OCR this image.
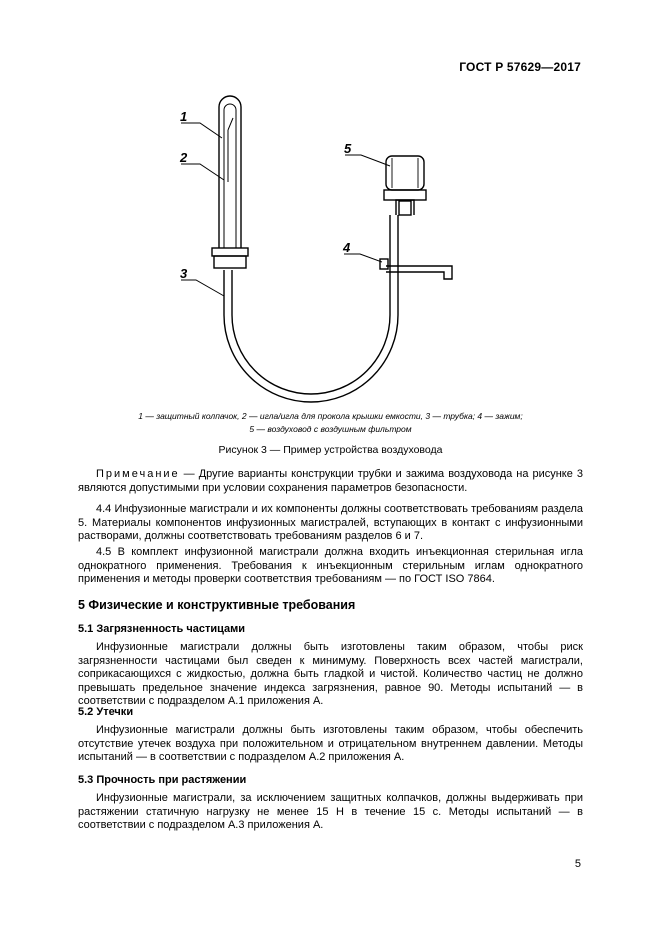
ГОСТ Р 57629—2017
1
2
3
4
5
1 — защитный колпачок, 2 — игла/игла для прокола крышки емкости, 3 — трубка; 4 — зажим;
5 — воздуховод с воздушным фильтром
Рисунок 3 — Пример устройства воздуховода
Примечание — Другие варианты конструкции трубки и зажима воздуховода на рисунке 3 являются допустимыми при условии сохранения параметров безопасности.
4.4 Инфузионные магистрали и их компоненты должны соответствовать требованиям раздела 5. Материалы компонентов инфузионных магистралей, вступающих в контакт с инфузионными растворами, должны соответствовать требованиям разделов 6 и 7.
4.5 В комплект инфузионной магистрали должна входить инъекционная стерильная игла однократного применения. Требования к инъекционным стерильным иглам однократного применения и методы проверки соответствия требованиям — по ГОСТ ISO 7864.
5 Физические и конструктивные требования
5.1 Загрязненность частицами
Инфузионные магистрали должны быть изготовлены таким образом, чтобы риск загрязненности частицами был сведен к минимуму. Поверхность всех частей магистрали, соприкасающихся с жидкостью, должна быть гладкой и чистой. Количество частиц не должно превышать предельное значение индекса загрязнения, равное 90. Методы испытаний — в соответствии с подразделом А.1 приложения А.
5.2 Утечки
Инфузионные магистрали должны быть изготовлены таким образом, чтобы обеспечить отсутствие утечек воздуха при положительном и отрицательном внутреннем давлении. Методы испытаний — в соответствии с подразделом А.2 приложения А.
5.3 Прочность при растяжении
Инфузионные магистрали, за исключением защитных колпачков, должны выдерживать при растяжении статичную нагрузку не менее 15 Н в течение 15 с. Методы испытаний — в соответствии с подразделом А.3 приложения А.
5
